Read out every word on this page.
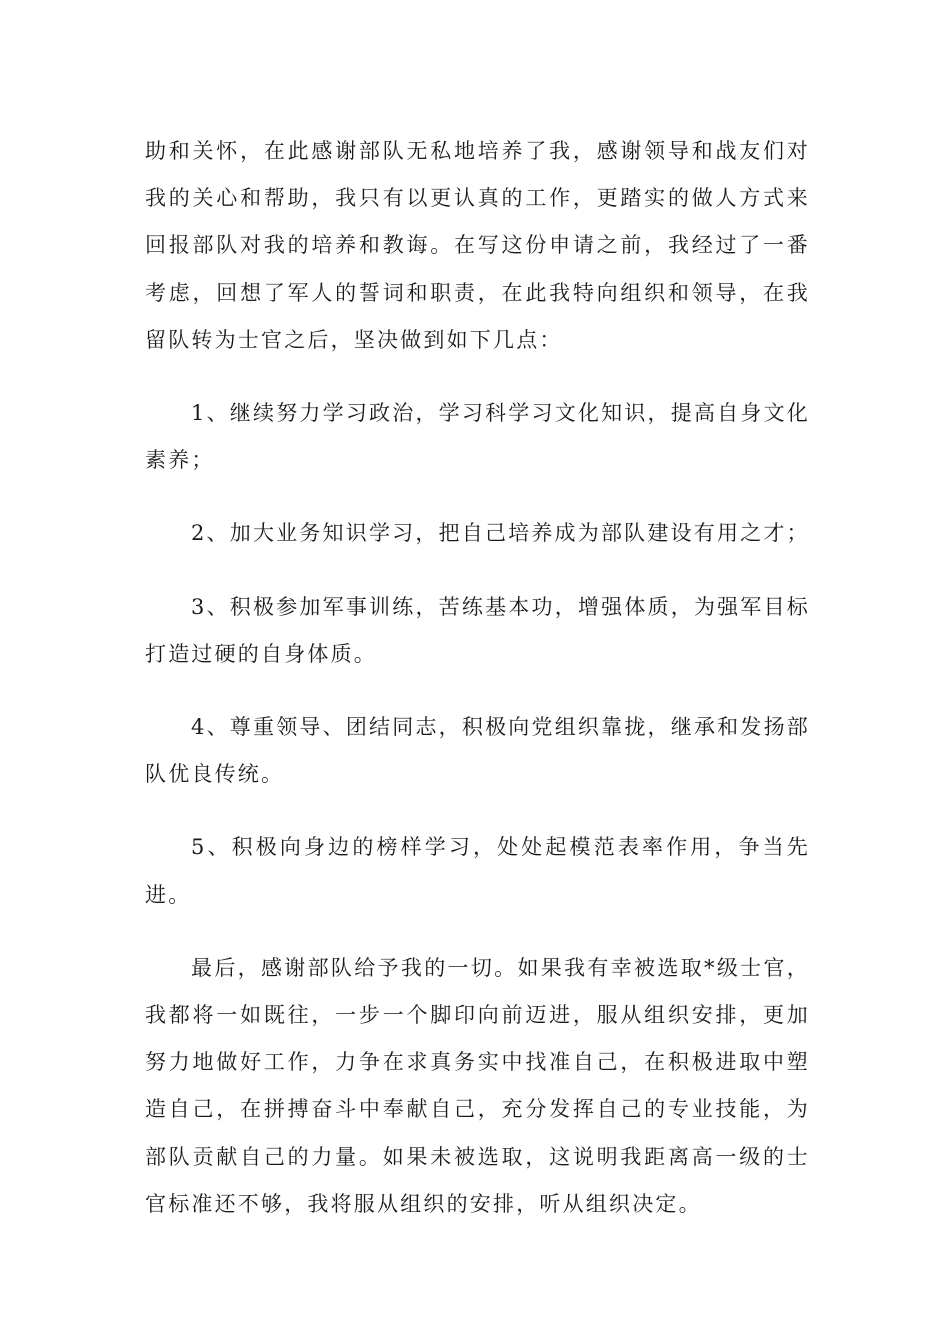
助和关怀，在此感谢部队无私地培养了我，感谢领导和战友们对我的关心和帮助，我只有以更认真的工作，更踏实的做人方式来回报部队对我的培养和教诲。在写这份申请之前，我经过了一番考虑，回想了军人的誓词和职责，在此我特向组织和领导，在我留队转为士官之后，坚决做到如下几点：

1、继续努力学习政治，学习科学习文化知识，提高自身文化素养；

2、加大业务知识学习，把自己培养成为部队建设有用之才；

3、积极参加军事训练，苦练基本功，增强体质，为强军目标打造过硬的自身体质。

4、尊重领导、团结同志，积极向党组织靠拢，继承和发扬部队优良传统。

5、积极向身边的榜样学习，处处起模范表率作用，争当先进。

最后，感谢部队给予我的一切。如果我有幸被选取*级士官，我都将一如既往，一步一个脚印向前迈进，服从组织安排，更加努力地做好工作，力争在求真务实中找准自己，在积极进取中塑造自己，在拼搏奋斗中奉献自己，充分发挥自己的专业技能，为部队贡献自己的力量。如果未被选取，这说明我距离高一级的士官标准还不够，我将服从组织的安排，听从组织决定。
